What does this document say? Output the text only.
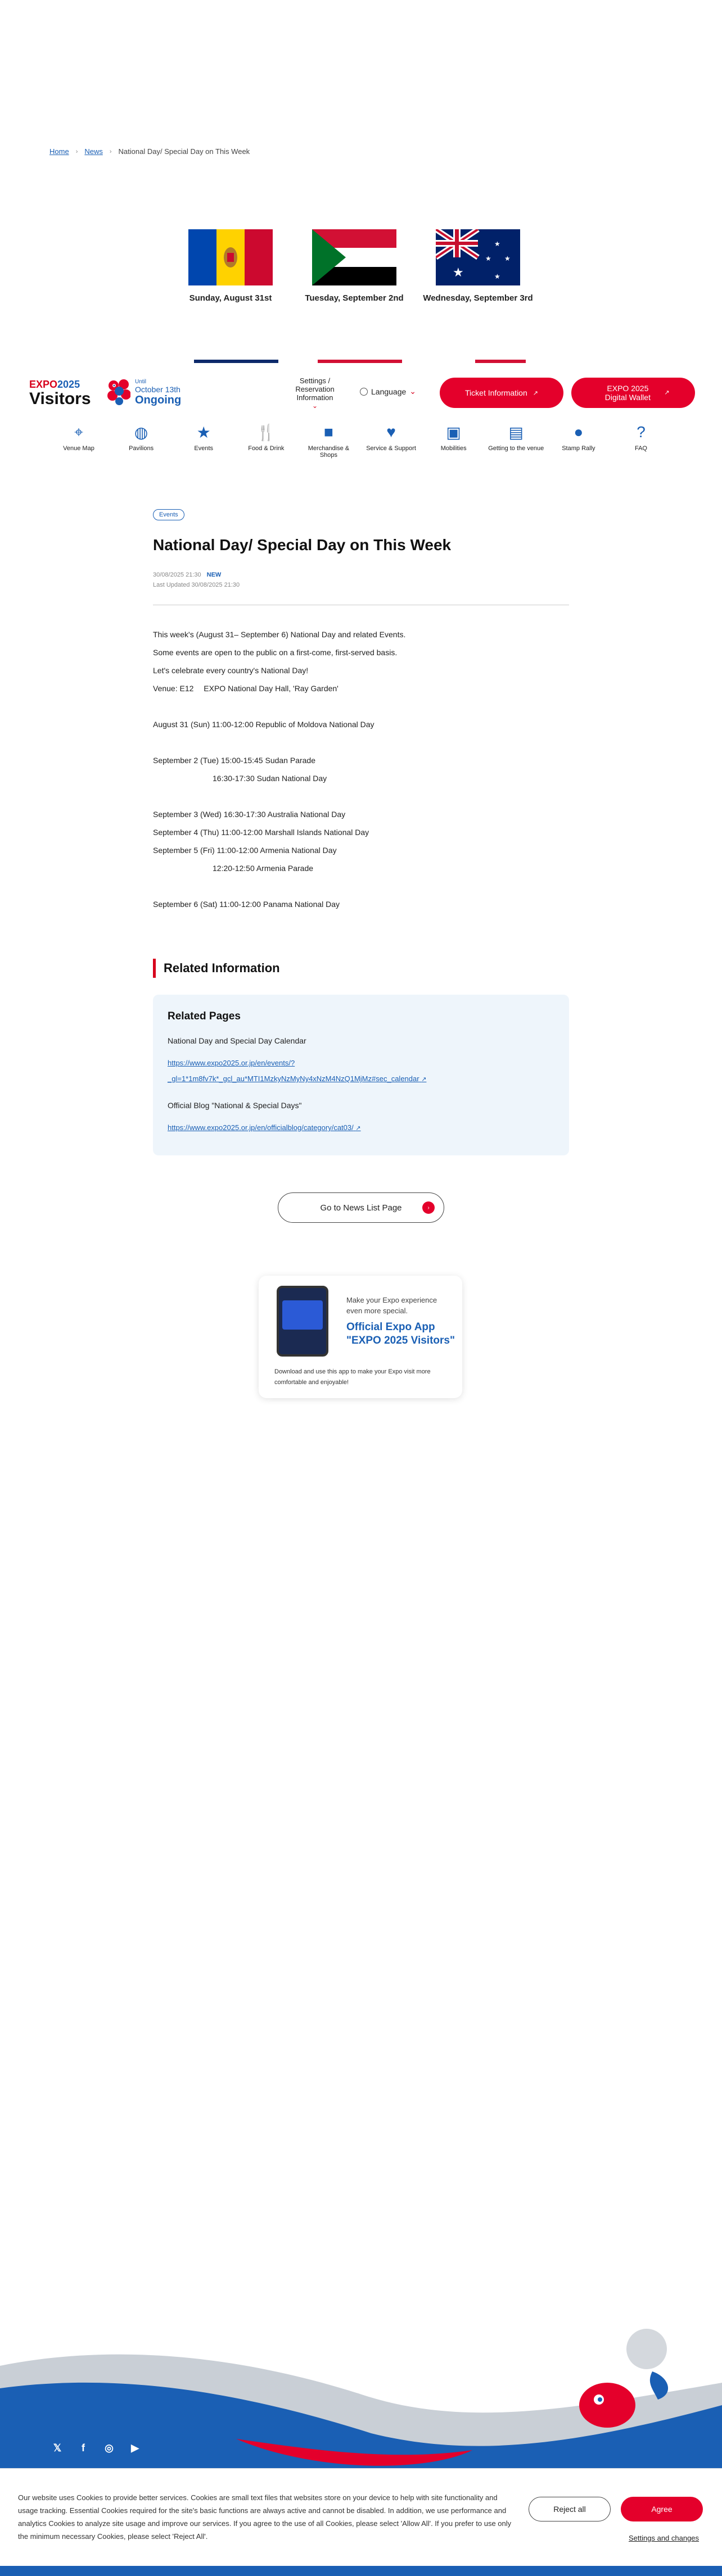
Home › News › National Day/ Special Day on This Week
Sunday, August 31st	Tuesday, September 2nd
★
★
★
★
★
Wednesday, September 3rd
EXPO2025
Visitors
Until
October 13th
Ongoing
Settings / Reservation Information
⌄
Language ⌄	Ticket Information ↗
EXPO 2025 Digital Wallet	↗
⌖
Venue Map
◍
Pavilions
★
Events
🍴
Food & Drink
■
Merchandise & Shops
♥
Service & Support
▣
Mobilities
▤
Getting to the venue
●
Stamp Rally
?
FAQ
Events
National Day/ Special Day on This Week
30/08/2025 21:30 NEW
Last Updated 30/08/2025 21:30
This week's (August 31– September 6) National Day and related Events.
Some events are open to the public on a first-come, first-served basis.
Let's celebrate every country's National Day!
Venue: E12　 EXPO National Day Hall, 'Ray Garden'
August 31 (Sun) 11:00-12:00 Republic of Moldova National Day
September 2 (Tue) 15:00-15:45 Sudan Parade
16:30-17:30 Sudan National Day
September 3 (Wed) 16:30-17:30 Australia National Day
September 4 (Thu) 11:00-12:00 Marshall Islands National Day
September 5 (Fri) 11:00-12:00 Armenia National Day
12:20-12:50 Armenia Parade
September 6 (Sat) 11:00-12:00 Panama National Day
Related Information
Related Pages
National Day and Special Day Calendar
https://www.expo2025.or.jp/en/events/?
_gl=1*1m8fv7k*_gcl_au*MTI1MzkyNzMyNy4xNzM4NzQ1MjMz#sec_calendar ↗
Official Blog "National & Special Days"
https://www.expo2025.or.jp/en/officialblog/category/cat03/ ↗
Go to News List Page	›
Make your Expo experience
even more special.
Official Expo App
"EXPO 2025 Visitors"
Download and use this app to make your Expo visit more
comfortable and enjoyable!
𝕏	f	◎	▶

Our website uses Cookies to provide better services. Cookies are small text files that websites store on your device to help with site functionality and usage tracking. Essential Cookies required for the site's basic functions are always active and cannot be disabled. In addition, we use performance and analytics Cookies to analyze site usage and improve our services. If you agree to the use of all Cookies, please select 'Allow All'. If you prefer to use only the minimum necessary Cookies, please select 'Reject All'.

Reject all	Agree
Settings and changes
